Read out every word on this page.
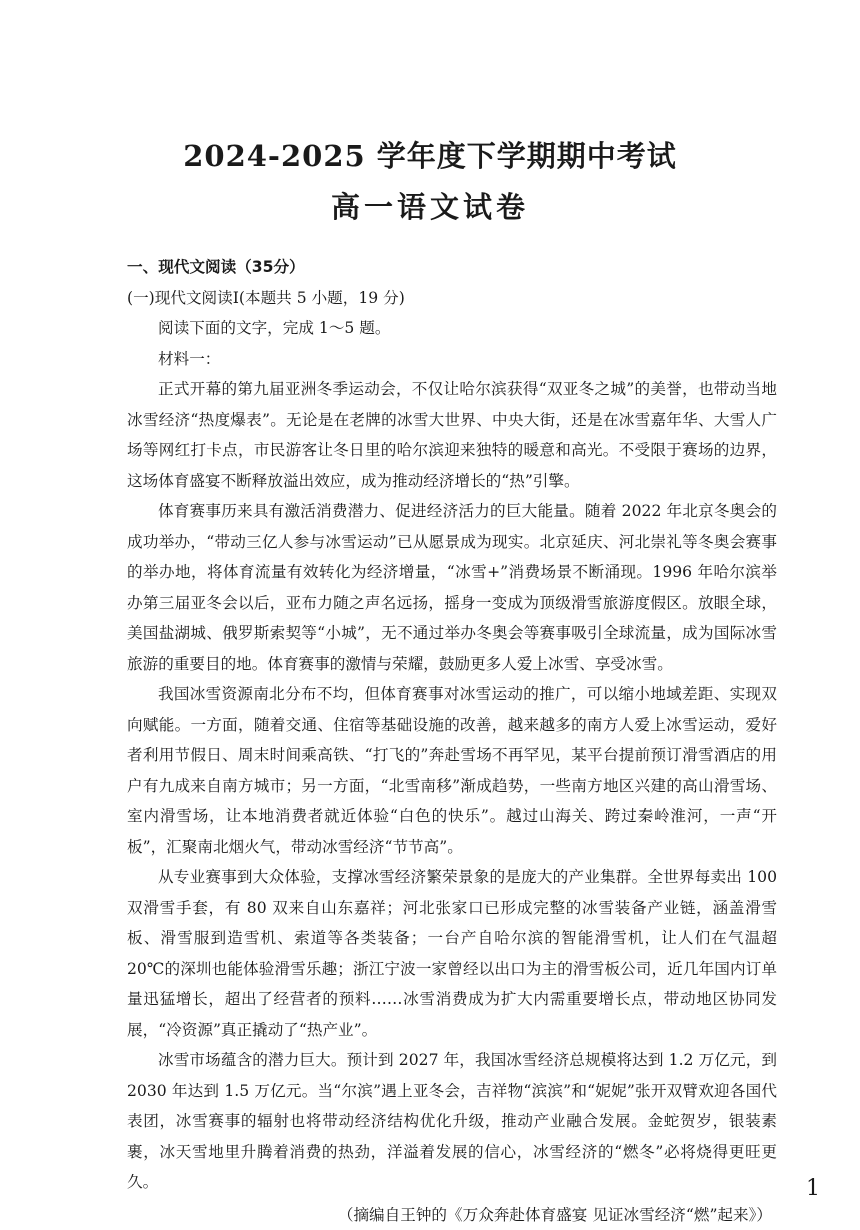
2024-2025 学年度下学期期中考试
高一语文试卷
一、现代文阅读（35分）
(一)现代文阅读Ⅰ(本题共 5 小题，19 分)
阅读下面的文字，完成 1～5 题。
材料一：

正式开幕的第九届亚洲冬季运动会，不仅让哈尔滨获得“双亚冬之城”的美誉，也带动当地冰雪经济“热度爆表”。无论是在老牌的冰雪大世界、中央大街，还是在冰雪嘉年华、大雪人广场等网红打卡点，市民游客让冬日里的哈尔滨迎来独特的暖意和高光。不受限于赛场的边界，这场体育盛宴不断释放溢出效应，成为推动经济增长的“热”引擎。

体育赛事历来具有激活消费潜力、促进经济活力的巨大能量。随着 2022 年北京冬奥会的成功举办，“带动三亿人参与冰雪运动”已从愿景成为现实。北京延庆、河北崇礼等冬奥会赛事的举办地，将体育流量有效转化为经济增量，“冰雪+”消费场景不断涌现。1996 年哈尔滨举办第三届亚冬会以后，亚布力随之声名远扬，摇身一变成为顶级滑雪旅游度假区。放眼全球，美国盐湖城、俄罗斯索契等“小城”，无不通过举办冬奥会等赛事吸引全球流量，成为国际冰雪旅游的重要目的地。体育赛事的激情与荣耀，鼓励更多人爱上冰雪、享受冰雪。

我国冰雪资源南北分布不均，但体育赛事对冰雪运动的推广，可以缩小地域差距、实现双向赋能。一方面，随着交通、住宿等基础设施的改善，越来越多的南方人爱上冰雪运动，爱好者利用节假日、周末时间乘高铁、“打飞的”奔赴雪场不再罕见，某平台提前预订滑雪酒店的用户有九成来自南方城市；另一方面，“北雪南移”渐成趋势，一些南方地区兴建的高山滑雪场、室内滑雪场，让本地消费者就近体验“白色的快乐”。越过山海关、跨过秦岭淮河，一声“开板”，汇聚南北烟火气，带动冰雪经济“节节高”。

从专业赛事到大众体验，支撑冰雪经济繁荣景象的是庞大的产业集群。全世界每卖出 100 双滑雪手套，有 80 双来自山东嘉祥；河北张家口已形成完整的冰雪装备产业链，涵盖滑雪板、滑雪服到造雪机、索道等各类装备；一台产自哈尔滨的智能滑雪机，让人们在气温超 20℃的深圳也能体验滑雪乐趣；浙江宁波一家曾经以出口为主的滑雪板公司，近几年国内订单量迅猛增长，超出了经营者的预料……冰雪消费成为扩大内需重要增长点，带动地区协同发展，“冷资源”真正撬动了“热产业”。

冰雪市场蕴含的潜力巨大。预计到 2027 年，我国冰雪经济总规模将达到 1.2 万亿元，到 2030 年达到 1.5 万亿元。当“尔滨”遇上亚冬会，吉祥物“滨滨”和“妮妮”张开双臂欢迎各国代表团，冰雪赛事的辐射也将带动经济结构优化升级，推动产业融合发展。金蛇贺岁，银装素裹，冰天雪地里升腾着消费的热劲，洋溢着发展的信心，冰雪经济的“燃冬”必将烧得更旺更久。

（摘编自王钟的《万众奔赴体育盛宴 见证冰雪经济“燃”起来》）
1
